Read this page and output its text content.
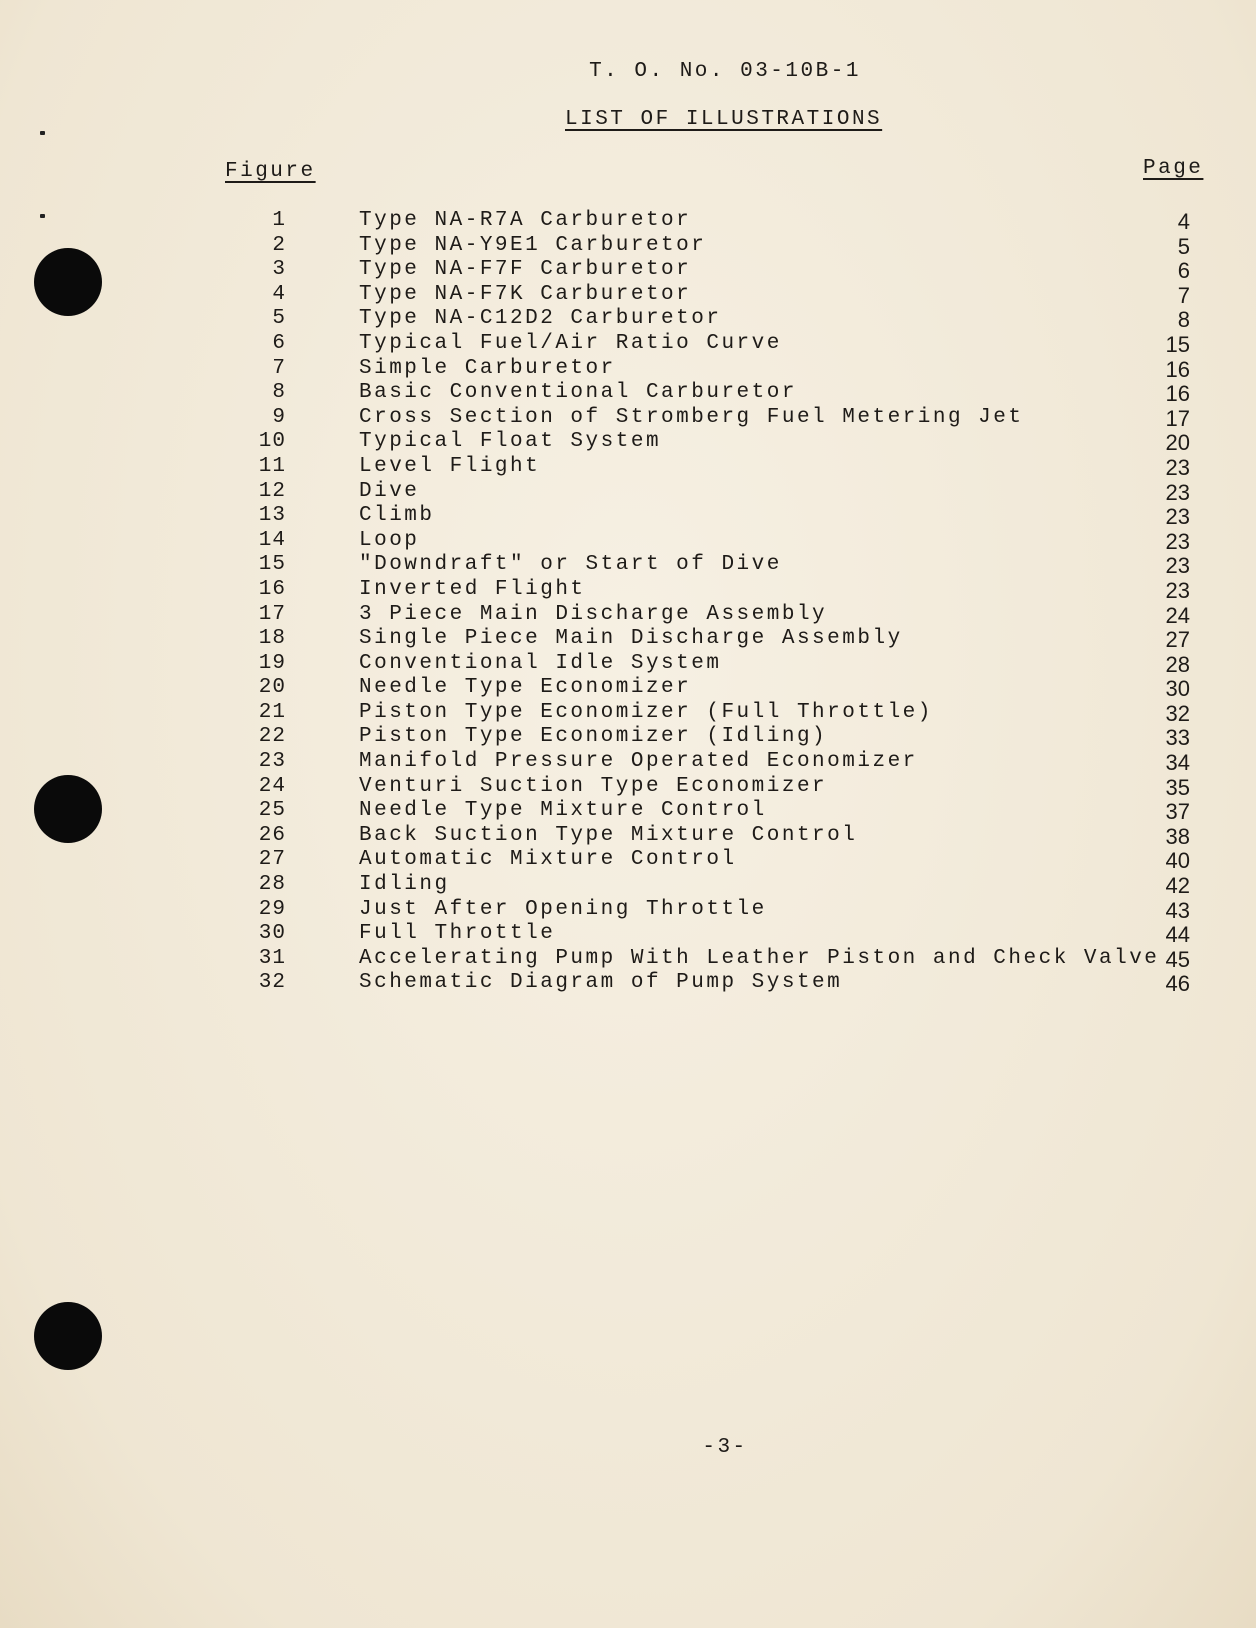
T. O. No. 03-10B-1
LIST OF ILLUSTRATIONS
Figure	Page
1	Type NA-R7A Carburetor	4
2	Type NA-Y9E1 Carburetor	5
3	Type NA-F7F Carburetor	6
4	Type NA-F7K Carburetor	7
5	Type NA-C12D2 Carburetor	8
6	Typical Fuel/Air Ratio Curve	15
7	Simple Carburetor	16
8	Basic Conventional Carburetor	16
9	Cross Section of Stromberg Fuel Metering Jet	17
10	Typical Float System	20
11	Level Flight	23
12	Dive	23
13	Climb	23
14	Loop	23
15	"Downdraft" or Start of Dive	23
16	Inverted Flight	23
17	3 Piece Main Discharge Assembly	24
18	Single Piece Main Discharge Assembly	27
19	Conventional Idle System	28
20	Needle Type Economizer	30
21	Piston Type Economizer (Full Throttle)	32
22	Piston Type Economizer (Idling)	33
23	Manifold Pressure Operated Economizer	34
24	Venturi Suction Type Economizer	35
25	Needle Type Mixture Control	37
26	Back Suction Type Mixture Control	38
27	Automatic Mixture Control	40
28	Idling	42
29	Just After Opening Throttle	43
30	Full Throttle	44
31	Accelerating Pump With Leather Piston and Check Valve 45
32	Schematic Diagram of Pump System	46
-3-
